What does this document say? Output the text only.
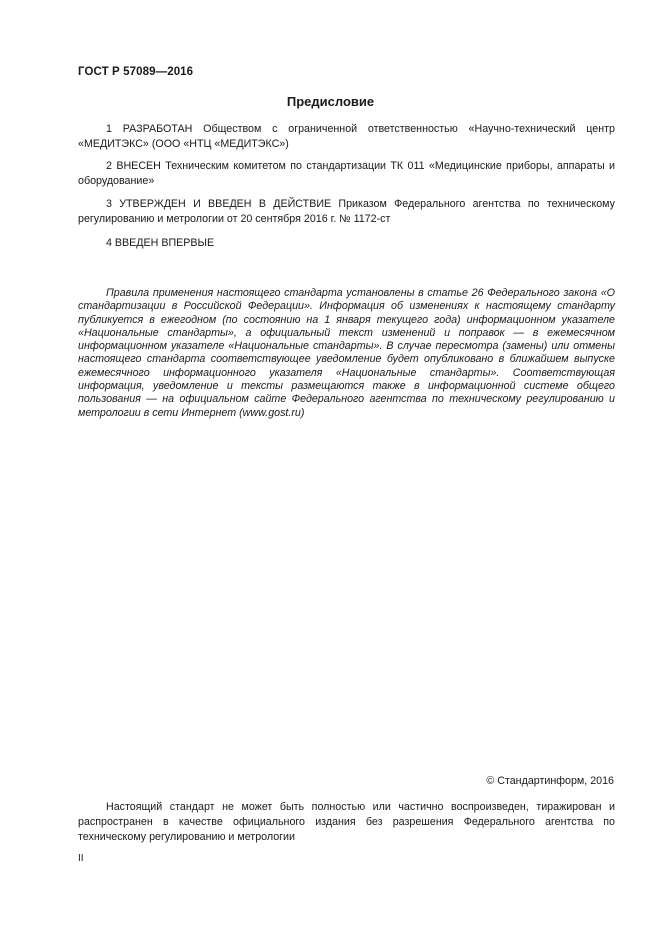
ГОСТ Р 57089—2016
Предисловие
1 РАЗРАБОТАН Обществом с ограниченной ответственностью «Научно-технический центр «МЕДИТЭКС» (ООО «НТЦ «МЕДИТЭКС»)
2 ВНЕСЕН Техническим комитетом по стандартизации ТК 011 «Медицинские приборы, аппараты и оборудование»
3 УТВЕРЖДЕН И ВВЕДЕН В ДЕЙСТВИЕ Приказом Федерального агентства по техническому регулированию и метрологии от 20 сентября 2016 г. № 1172-ст
4 ВВЕДЕН ВПЕРВЫЕ
Правила применения настоящего стандарта установлены в статье 26 Федерального закона «О стандартизации в Российской Федерации». Информация об изменениях к настоящему стандарту публикуется в ежегодном (по состоянию на 1 января текущего года) информационном указателе «Национальные стандарты», а официальный текст изменений и поправок — в ежемесячном информационном указателе «Национальные стандарты». В случае пересмотра (замены) или отмены настоящего стандарта соответствующее уведомление будет опубликовано в ближайшем выпуске ежемесячного информационного указателя «Национальные стандарты». Соответствующая информация, уведомление и тексты размещаются также в информационной системе общего пользования — на официальном сайте Федерального агентства по техническому регулированию и метрологии в сети Интернет (www.gost.ru)
© Стандартинформ, 2016
Настоящий стандарт не может быть полностью или частично воспроизведен, тиражирован и распространен в качестве официального издания без разрешения Федерального агентства по техническому регулированию и метрологии
II
